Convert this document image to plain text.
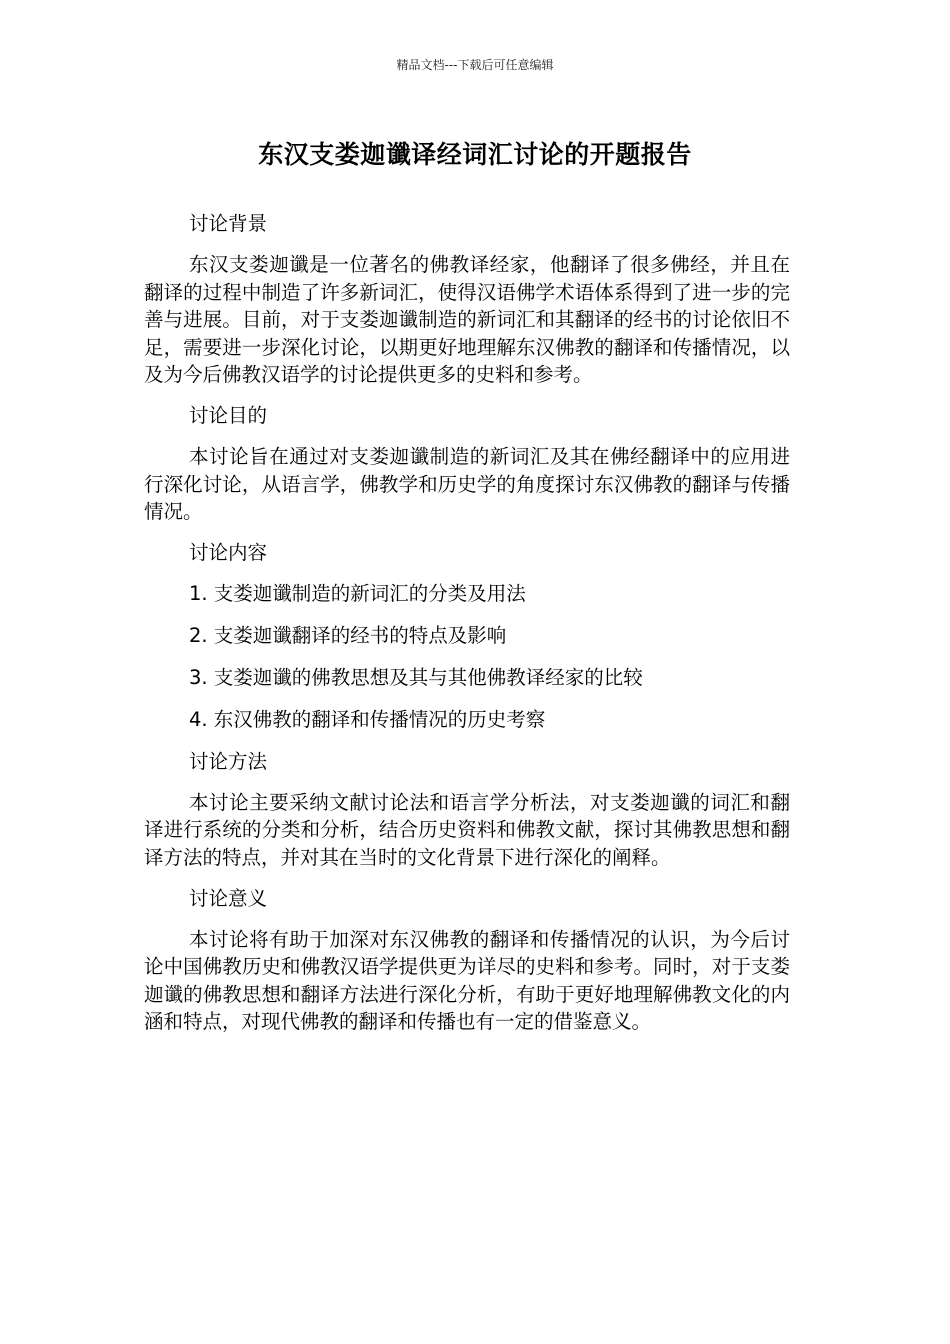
精品文档---下载后可任意编辑
东汉支娄迦谶译经词汇讨论的开题报告

讨论背景

东汉支娄迦谶是一位著名的佛教译经家，他翻译了很多佛经，并且在翻译的过程中制造了许多新词汇，使得汉语佛学术语体系得到了进一步的完善与进展。目前，对于支娄迦谶制造的新词汇和其翻译的经书的讨论依旧不足，需要进一步深化讨论，以期更好地理解东汉佛教的翻译和传播情况，以及为今后佛教汉语学的讨论提供更多的史料和参考。

讨论目的

本讨论旨在通过对支娄迦谶制造的新词汇及其在佛经翻译中的应用进行深化讨论，从语言学，佛教学和历史学的角度探讨东汉佛教的翻译与传播情况。

讨论内容

1. 支娄迦谶制造的新词汇的分类及用法

2. 支娄迦谶翻译的经书的特点及影响

3. 支娄迦谶的佛教思想及其与其他佛教译经家的比较

4. 东汉佛教的翻译和传播情况的历史考察

讨论方法

本讨论主要采纳文献讨论法和语言学分析法，对支娄迦谶的词汇和翻译进行系统的分类和分析，结合历史资料和佛教文献，探讨其佛教思想和翻译方法的特点，并对其在当时的文化背景下进行深化的阐释。

讨论意义

本讨论将有助于加深对东汉佛教的翻译和传播情况的认识，为今后讨论中国佛教历史和佛教汉语学提供更为详尽的史料和参考。同时，对于支娄迦谶的佛教思想和翻译方法进行深化分析，有助于更好地理解佛教文化的内涵和特点，对现代佛教的翻译和传播也有一定的借鉴意义。
